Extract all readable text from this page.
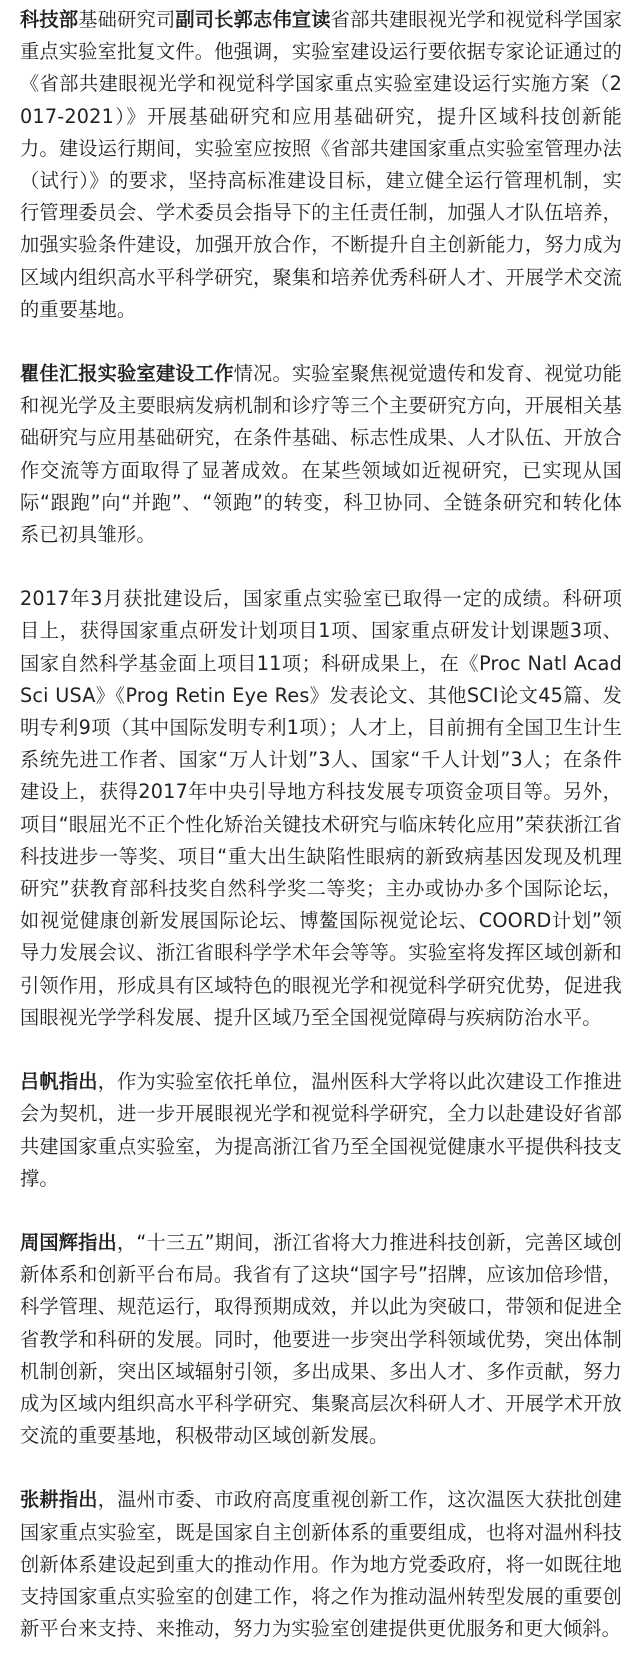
科技部基础研究司副司长郭志伟宣读省部共建眼视光学和视觉科学国家重点实验室批复文件。他强调，实验室建设运行要依据专家论证通过的《省部共建眼视光学和视觉科学国家重点实验室建设运行实施方案（2017-2021）》开展基础研究和应用基础研究，提升区域科技创新能力。建设运行期间，实验室应按照《省部共建国家重点实验室管理办法（试行）》的要求，坚持高标准建设目标，建立健全运行管理机制，实行管理委员会、学术委员会指导下的主任责任制，加强人才队伍培养，加强实验条件建设，加强开放合作，不断提升自主创新能力，努力成为区域内组织高水平科学研究，聚集和培养优秀科研人才、开展学术交流的重要基地。

瞿佳汇报实验室建设工作情况。实验室聚焦视觉遗传和发育、视觉功能和视光学及主要眼病发病机制和诊疗等三个主要研究方向，开展相关基础研究与应用基础研究，在条件基础、标志性成果、人才队伍、开放合作交流等方面取得了显著成效。在某些领域如近视研究，已实现从国际“跟跑”向“并跑”、“领跑”的转变，科卫协同、全链条研究和转化体系已初具雏形。

2017年3月获批建设后，国家重点实验室已取得一定的成绩。科研项目上，获得国家重点研发计划项目1项、国家重点研发计划课题3项、国家自然科学基金面上项目11项；科研成果上，在《Proc Natl Acad Sci USA》《Prog Retin Eye Res》发表论文、其他SCI论文45篇、发明专利9项（其中国际发明专利1项）；人才上，目前拥有全国卫生计生系统先进工作者、国家“万人计划”3人、国家“千人计划”3人；在条件建设上，获得2017年中央引导地方科技发展专项资金项目等。另外，项目“眼屈光不正个性化矫治关键技术研究与临床转化应用”荣获浙江省科技进步一等奖、项目“重大出生缺陷性眼病的新致病基因发现及机理研究”获教育部科技奖自然科学奖二等奖；主办或协办多个国际论坛，如视觉健康创新发展国际论坛、博鳌国际视觉论坛、COORD计划”领导力发展会议、浙江省眼科学学术年会等等。实验室将发挥区域创新和引领作用，形成具有区域特色的眼视光学和视觉科学研究优势，促进我国眼视光学学科发展、提升区域乃至全国视觉障碍与疾病防治水平。

吕帆指出，作为实验室依托单位，温州医科大学将以此次建设工作推进会为契机，进一步开展眼视光学和视觉科学研究，全力以赴建设好省部共建国家重点实验室，为提高浙江省乃至全国视觉健康水平提供科技支撑。

周国辉指出，“十三五”期间，浙江省将大力推进科技创新，完善区域创新体系和创新平台布局。我省有了这块“国字号”招牌，应该加倍珍惜，科学管理、规范运行，取得预期成效，并以此为突破口，带领和促进全省教学和科研的发展。同时，他要进一步突出学科领域优势，突出体制机制创新，突出区域辐射引领，多出成果、多出人才、多作贡献，努力成为区域内组织高水平科学研究、集聚高层次科研人才、开展学术开放交流的重要基地，积极带动区域创新发展。

张耕指出，温州市委、市政府高度重视创新工作，这次温医大获批创建国家重点实验室，既是国家自主创新体系的重要组成，也将对温州科技创新体系建设起到重大的推动作用。作为地方党委政府，将一如既往地支持国家重点实验室的创建工作，将之作为推动温州转型发展的重要创新平台来支持、来推动，努力为实验室创建提供更优服务和更大倾斜。
